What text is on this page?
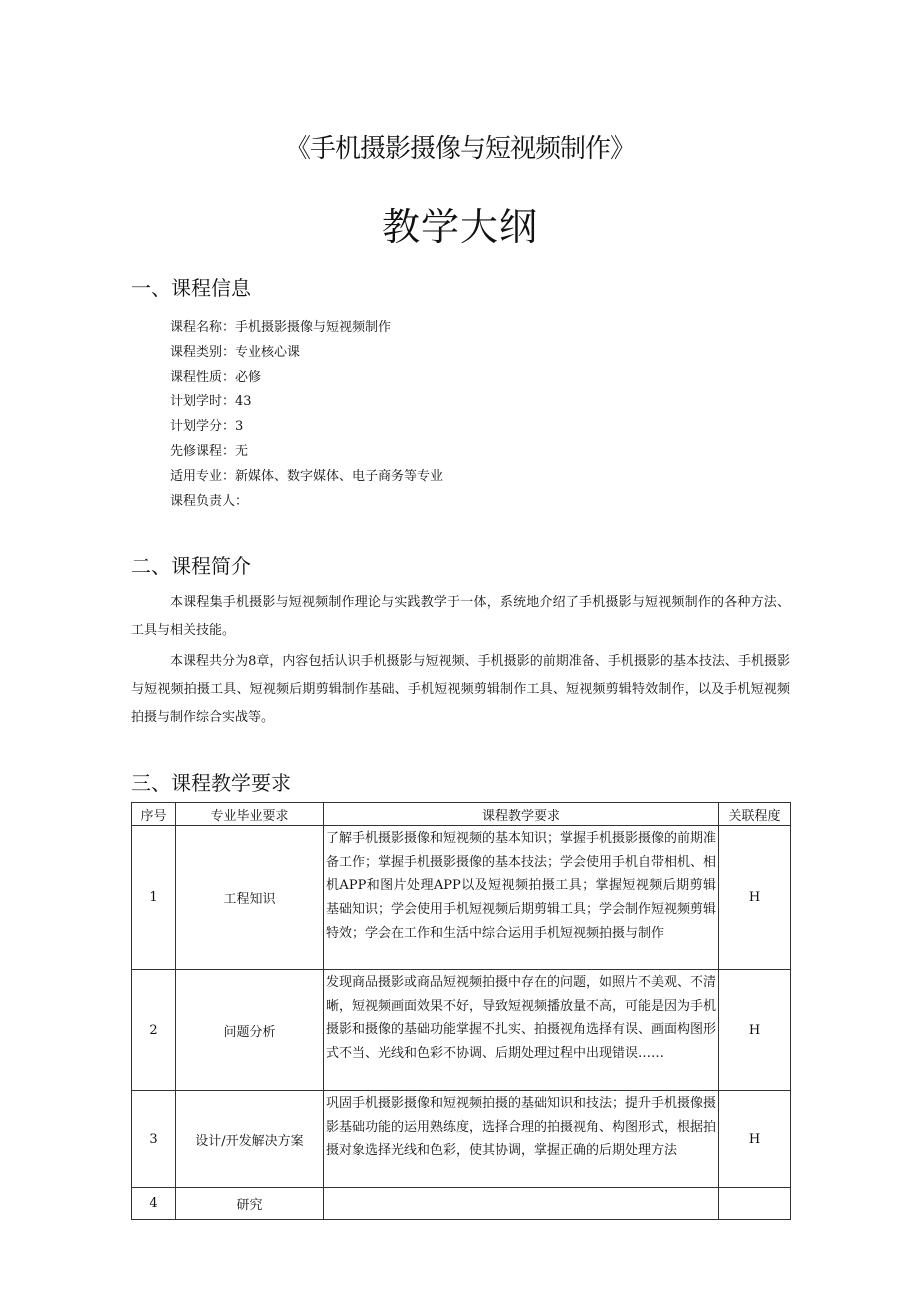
《手机摄影摄像与短视频制作》
教学大纲
一、课程信息
课程名称：手机摄影摄像与短视频制作
课程类别：专业核心课
课程性质：必修
计划学时：43
计划学分：3
先修课程：无
适用专业：新媒体、数字媒体、电子商务等专业
课程负责人：
二、课程简介

本课程集手机摄影与短视频制作理论与实践教学于一体，系统地介绍了手机摄影与短视频制作的各种方法、工具与相关技能。

本课程共分为8章，内容包括认识手机摄影与短视频、手机摄影的前期准备、手机摄影的基本技法、手机摄影与短视频拍摄工具、短视频后期剪辑制作基础、手机短视频剪辑制作工具、短视频剪辑特效制作，以及手机短视频拍摄与制作综合实战等。

三、课程教学要求
序号	专业毕业要求	课程教学要求	关联程度
1	工程知识	了解手机摄影摄像和短视频的基本知识；掌握手机摄影摄像的前期准备工作；掌握手机摄影摄像的基本技法；学会使用手机自带相机、相机APP和图片处理APP以及短视频拍摄工具；掌握短视频后期剪辑基础知识；学会使用手机短视频后期剪辑工具；学会制作短视频剪辑特效；学会在工作和生活中综合运用手机短视频拍摄与制作	H
2	问题分析	发现商品摄影或商品短视频拍摄中存在的问题，如照片不美观、不清晰，短视频画面效果不好，导致短视频播放量不高，可能是因为手机摄影和摄像的基础功能掌握不扎实、拍摄视角选择有误、画面构图形式不当、光线和色彩不协调、后期处理过程中出现错误……	H
3	设计/开发解决方案	巩固手机摄影摄像和短视频拍摄的基础知识和技法；提升手机摄像摄影基础功能的运用熟练度，选择合理的拍摄视角、构图形式，根据拍摄对象选择光线和色彩，使其协调，掌握正确的后期处理方法	H
4	研究		
